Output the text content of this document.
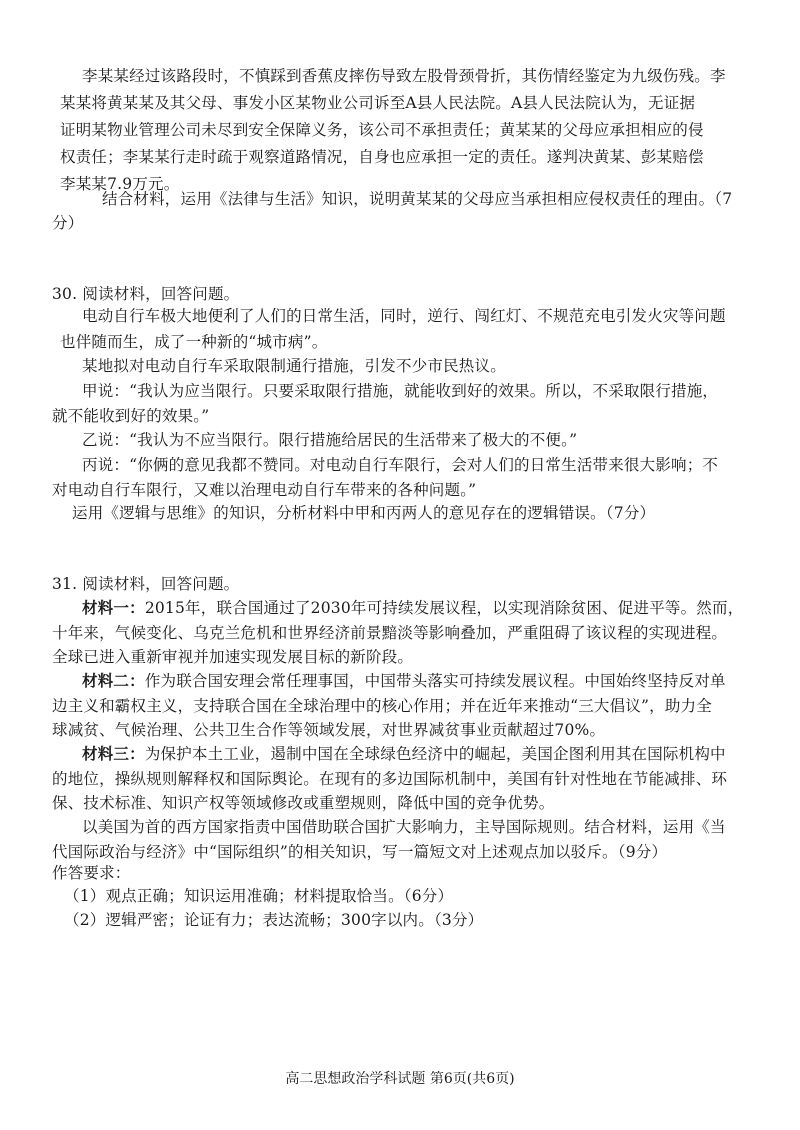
李某某经过该路段时，不慎踩到香蕉皮摔伤导致左股骨颈骨折，其伤情经鉴定为九级伤残。李
某某将黄某某及其父母、事发小区某物业公司诉至A县人民法院。A县人民法院认为，无证据
证明某物业管理公司未尽到安全保障义务，该公司不承担责任；黄某某的父母应承担相应的侵
权责任；李某某行走时疏于观察道路情况，自身也应承担一定的责任。遂判决黄某、彭某赔偿
李某某7.9万元。
结合材料，运用《法律与生活》知识，说明黄某某的父母应当承担相应侵权责任的理由。（7
分）
30. 阅读材料，回答问题。
电动自行车极大地便利了人们的日常生活，同时，逆行、闯红灯、不规范充电引发火灾等问题
也伴随而生，成了一种新的“城市病”。
某地拟对电动自行车采取限制通行措施，引发不少市民热议。
甲说：“我认为应当限行。只要采取限行措施，就能收到好的效果。所以，不采取限行措施，
就不能收到好的效果。”
乙说：“我认为不应当限行。限行措施给居民的生活带来了极大的不便。”
丙说：“你俩的意见我都不赞同。对电动自行车限行，会对人们的日常生活带来很大影响；不
对电动自行车限行，又难以治理电动自行车带来的各种问题。”
运用《逻辑与思维》的知识，分析材料中甲和丙两人的意见存在的逻辑错误。（7分）
31. 阅读材料，回答问题。
材料一：2015年，联合国通过了2030年可持续发展议程，以实现消除贫困、促进平等。然而，
十年来，气候变化、乌克兰危机和世界经济前景黯淡等影响叠加，严重阻碍了该议程的实现进程。
全球已进入重新审视并加速实现发展目标的新阶段。
材料二：作为联合国安理会常任理事国，中国带头落实可持续发展议程。中国始终坚持反对单
边主义和霸权主义，支持联合国在全球治理中的核心作用；并在近年来推动“三大倡议”，助力全
球减贫、气候治理、公共卫生合作等领域发展，对世界减贫事业贡献超过70%。
材料三：为保护本土工业，遏制中国在全球绿色经济中的崛起，美国企图利用其在国际机构中
的地位，操纵规则解释权和国际舆论。在现有的多边国际机制中，美国有针对性地在节能减排、环
保、技术标准、知识产权等领域修改或重塑规则，降低中国的竞争优势。
以美国为首的西方国家指责中国借助联合国扩大影响力，主导国际规则。结合材料，运用《当
代国际政治与经济》中“国际组织”的相关知识，写一篇短文对上述观点加以驳斥。（9分）
作答要求：
（1）观点正确；知识运用准确；材料提取恰当。（6分）
（2）逻辑严密；论证有力；表达流畅；300字以内。（3分）
高二思想政治学科试题 第6页(共6页)
